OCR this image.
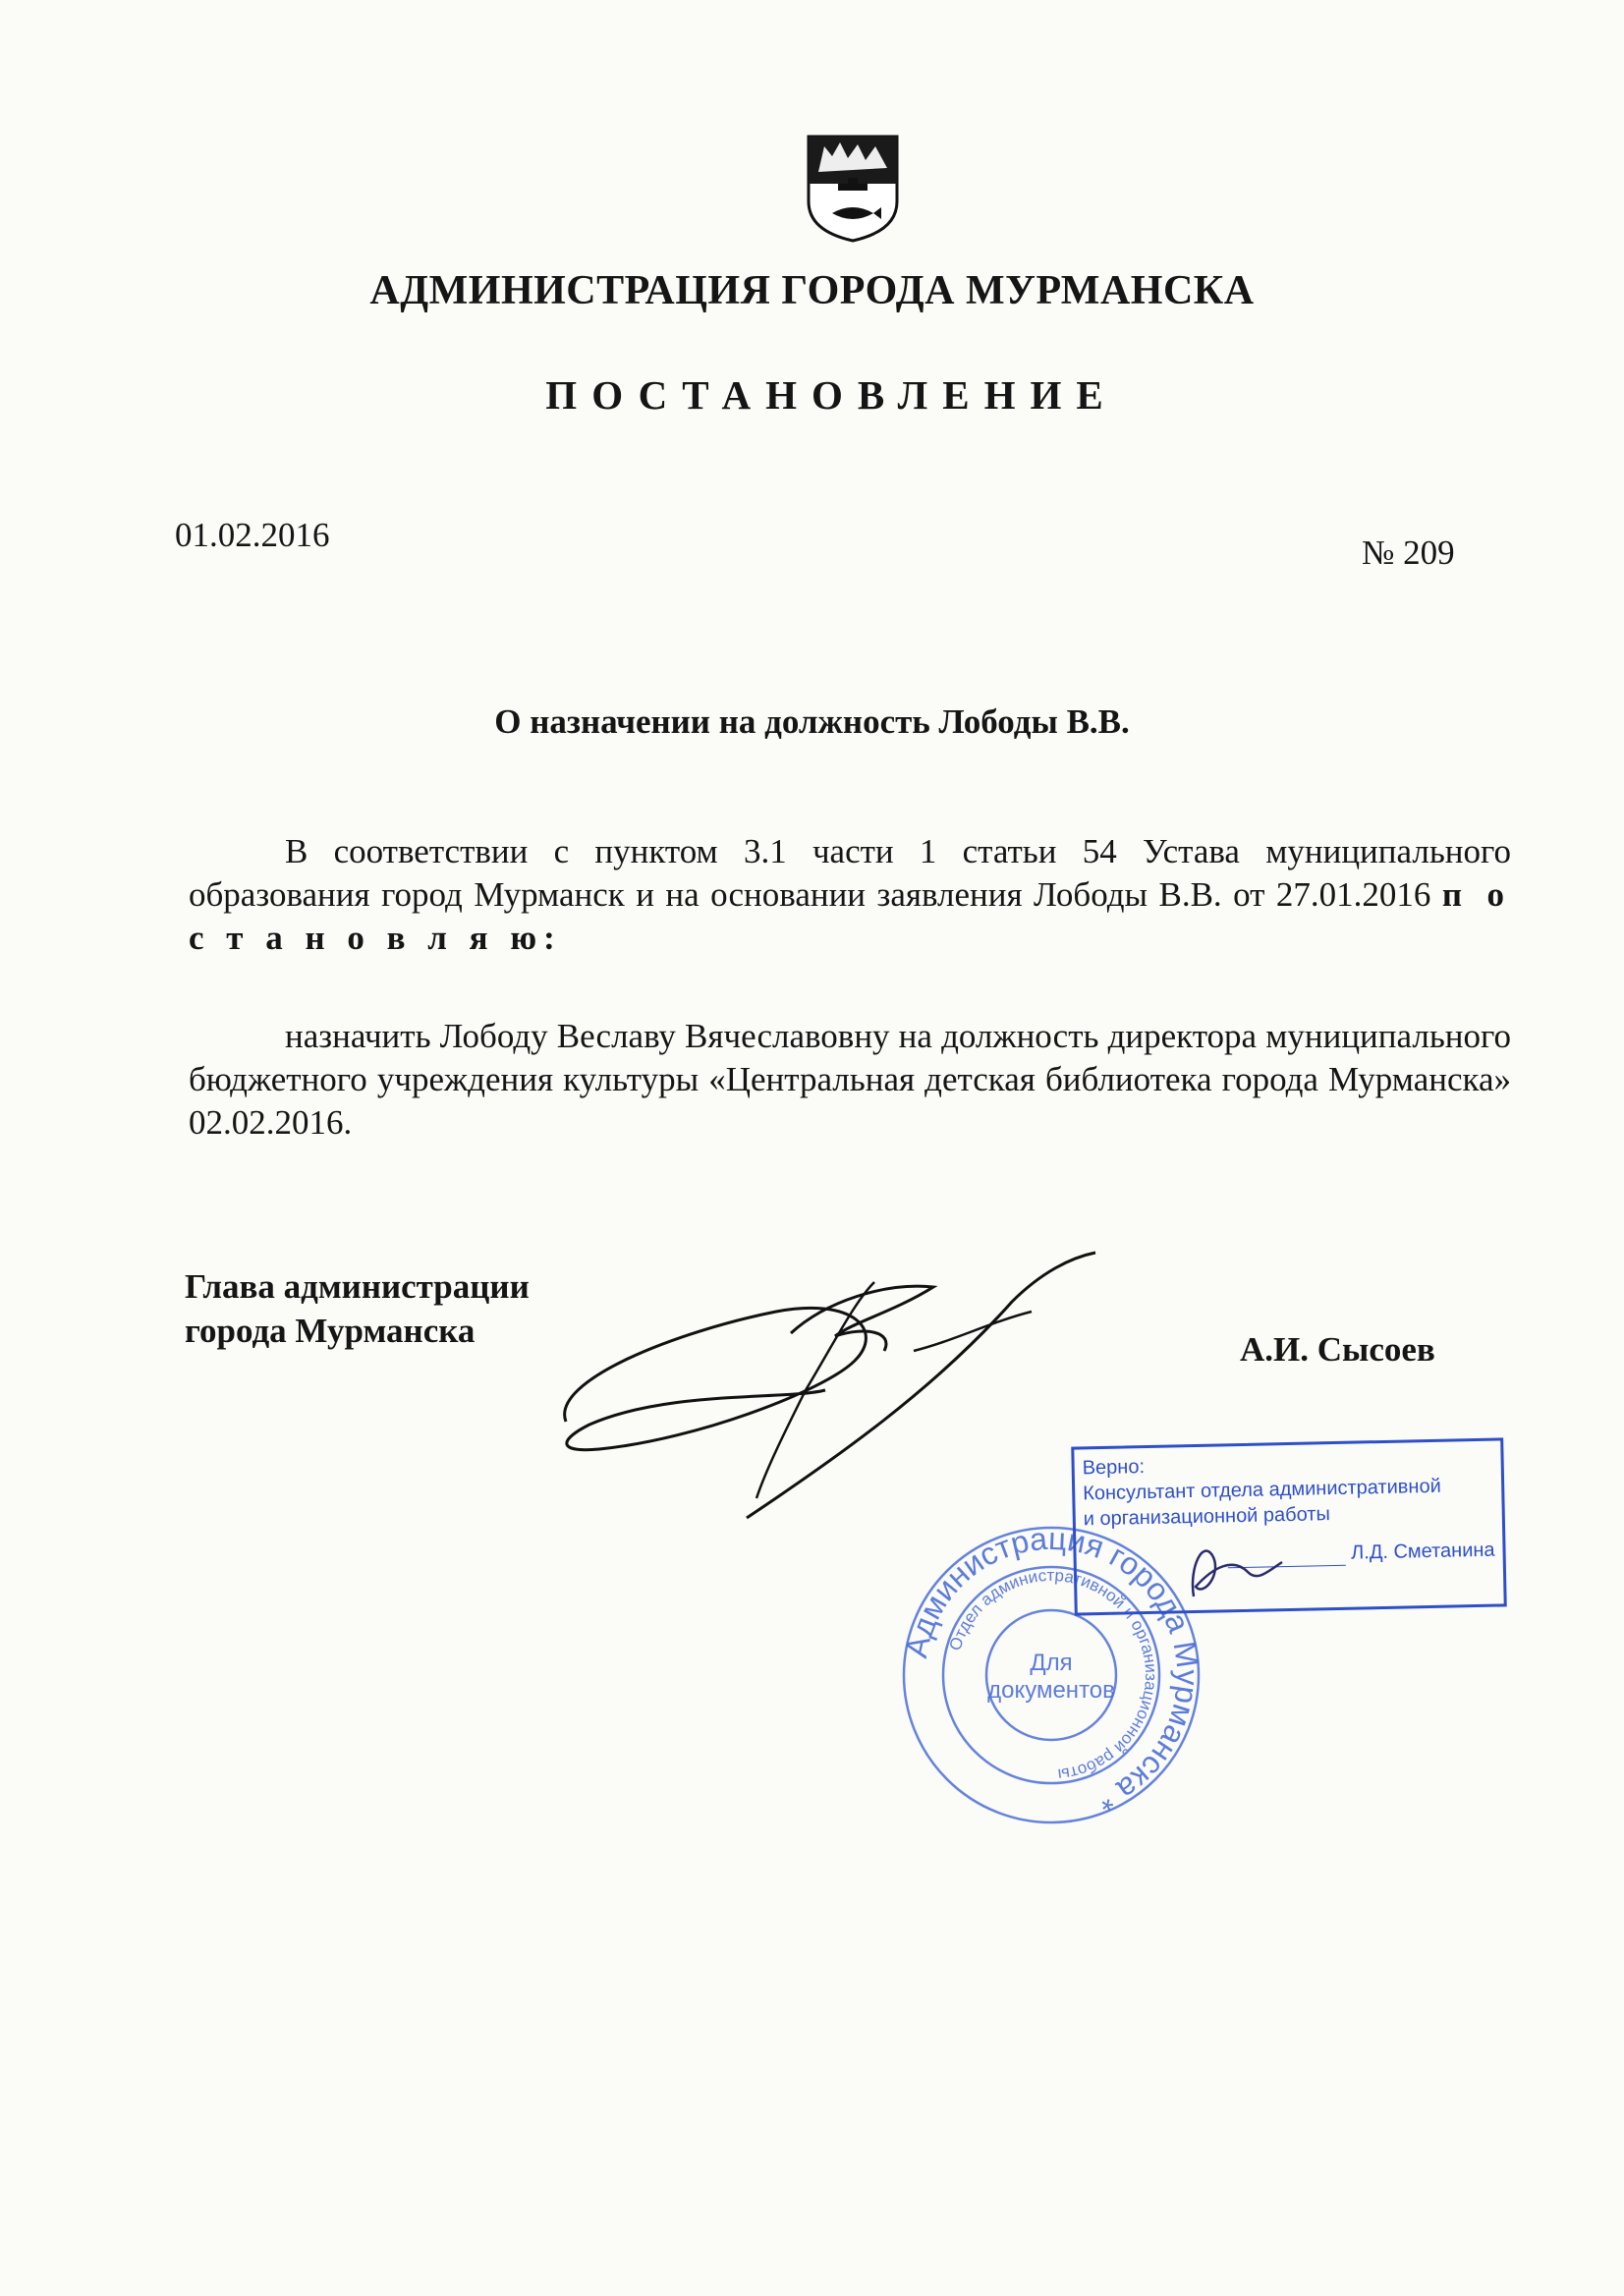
АДМИНИСТРАЦИЯ ГОРОДА МУРМАНСКА
ПОСТАНОВЛЕНИЕ
01.02.2016	№ 209
О назначении на должность Лободы В.В.
В соответствии с пунктом 3.1 части 1 статьи 54 Устава муниципального образования город Мурманск и на основании заявления Лободы В.В. от 27.01.2016 п о с т а н о в л я ю:
назначить Лободу Веславу Вячеславовну на должность директора муниципального бюджетного учреждения культуры «Центральная детская библиотека города Мурманска» 02.02.2016.
Глава администрации
города Мурманска	А.И. Сысоев
Администрация города Мурманска *
Отдел административной и организационной работы
Для
документов
Верно:
Консультант отдела административной
и организационной работы
Л.Д. Сметанина
